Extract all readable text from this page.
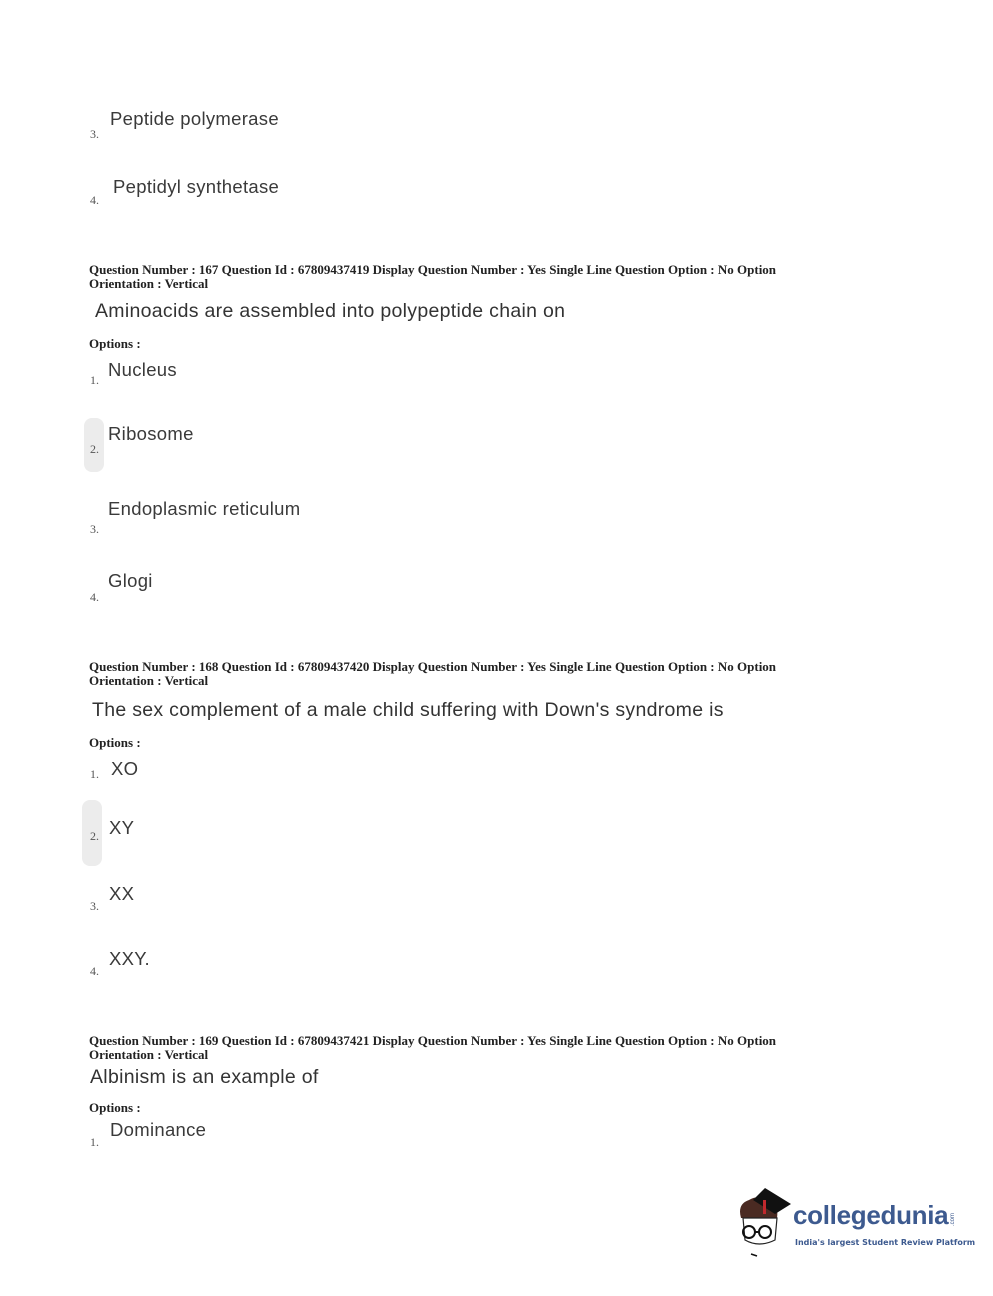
Peptide polymerase
3.
Peptidyl synthetase
4.
Question Number : 167 Question Id : 67809437419 Display Question Number : Yes Single Line Question Option : No Option
Orientation : Vertical
Aminoacids are assembled into polypeptide chain on
Options :
Nucleus
1.
Ribosome
2.
Endoplasmic reticulum
3.
Glogi
4.
Question Number : 168 Question Id : 67809437420 Display Question Number : Yes Single Line Question Option : No Option
Orientation : Vertical
The sex complement of a male child suffering with Down's syndrome is
Options :
XO
1.
XY
2.
XX
3.
XXY.
4.
Question Number : 169 Question Id : 67809437421 Display Question Number : Yes Single Line Question Option : No Option
Orientation : Vertical
Albinism is an example of
Options :
Dominance
1.
collegedunia .com
India's largest Student Review Platform
